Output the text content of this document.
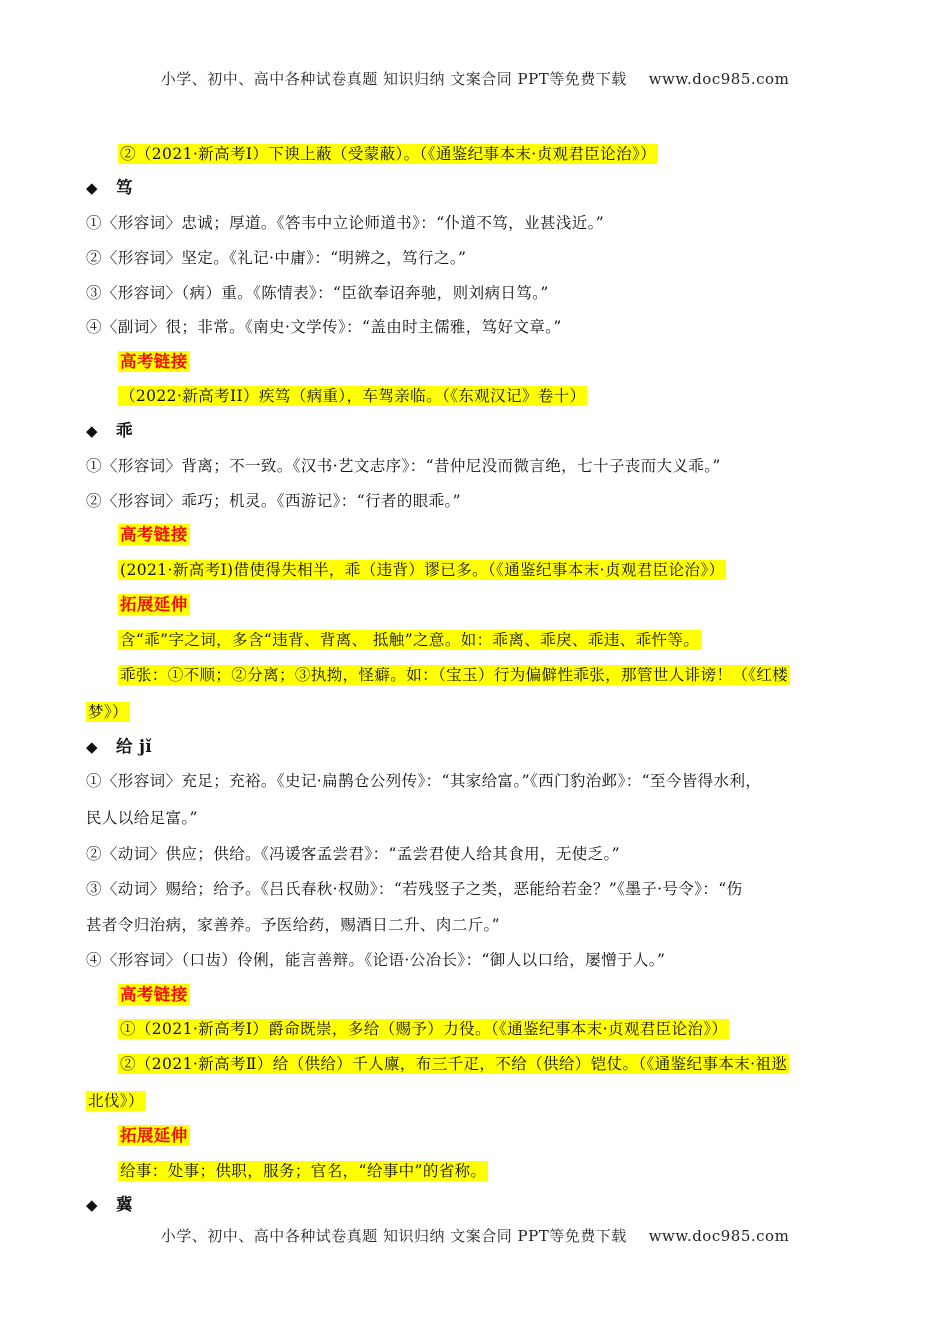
小学、初中、高中各种试卷真题 知识归纳 文案合同 PPT等免费下载 www.doc985.com
②（2021·新高考Ⅰ）下谀上蔽（受蒙蔽）。（《通鉴纪事本末·贞观君臣论治》）
◆ 笃
①〈形容词〉忠诚；厚道。《答韦中立论师道书》：“仆道不笃，业甚浅近。”
②〈形容词〉坚定。《礼记·中庸》：“明辨之，笃行之。”
③〈形容词〉（病）重。《陈情表》：“臣欲奉诏奔驰，则刘病日笃。”
④〈副词〉很；非常。《南史·文学传》：“盖由时主儒雅，笃好文章。”
高考链接
（2022·新高考II）疾笃（病重），车驾亲临。（《东观汉记》卷十）
◆ 乖
①〈形容词〉背离；不一致。《汉书·艺文志序》：“昔仲尼没而微言绝，七十子丧而大义乖。”
②〈形容词〉乖巧；机灵。《西游记》：“行者的眼乖。”
高考链接
(2021·新高考I)借使得失相半，乖（违背）谬已多。（《通鉴纪事本末·贞观君臣论治》）
拓展延伸
含“乖”字之词，多含“违背、背离、 抵触”之意。如：乖离、乖戾、乖违、乖忤等。
乖张：①不顺；②分离；③执拗，怪癖。如：（宝玉）行为偏僻性乖张，那管世人诽谤！（《红楼
梦》）
◆ 给 jǐ
①〈形容词〉充足；充裕。《史记·扁鹊仓公列传》：“其家给富。”《西门豹治邺》：“至今皆得水利，
民人以给足富。”
②〈动词〉供应；供给。《冯谖客孟尝君》：“孟尝君使人给其食用，无使乏。”
③〈动词〉赐给；给予。《吕氏春秋·权勋》：“若残竖子之类，恶能给若金？”《墨子·号令》：“伤
甚者令归治病，家善养。予医给药，赐酒日二升、肉二斤。”
④〈形容词〉（口齿）伶俐，能言善辩。《论语·公冶长》：“御人以口给，屡憎于人。”
高考链接
①（2021·新高考Ⅰ）爵命既崇，多给（赐予）力役。（《通鉴纪事本末·贞观君臣论治》）
②（2021·新高考Ⅱ）给（供给）千人廪，布三千疋，不给（供给）铠仗。（《通鉴纪事本末·祖逖
北伐》）
拓展延伸
给事：处事；供职，服务；官名，“给事中”的省称。
◆ 冀
小学、初中、高中各种试卷真题 知识归纳 文案合同 PPT等免费下载 www.doc985.com
